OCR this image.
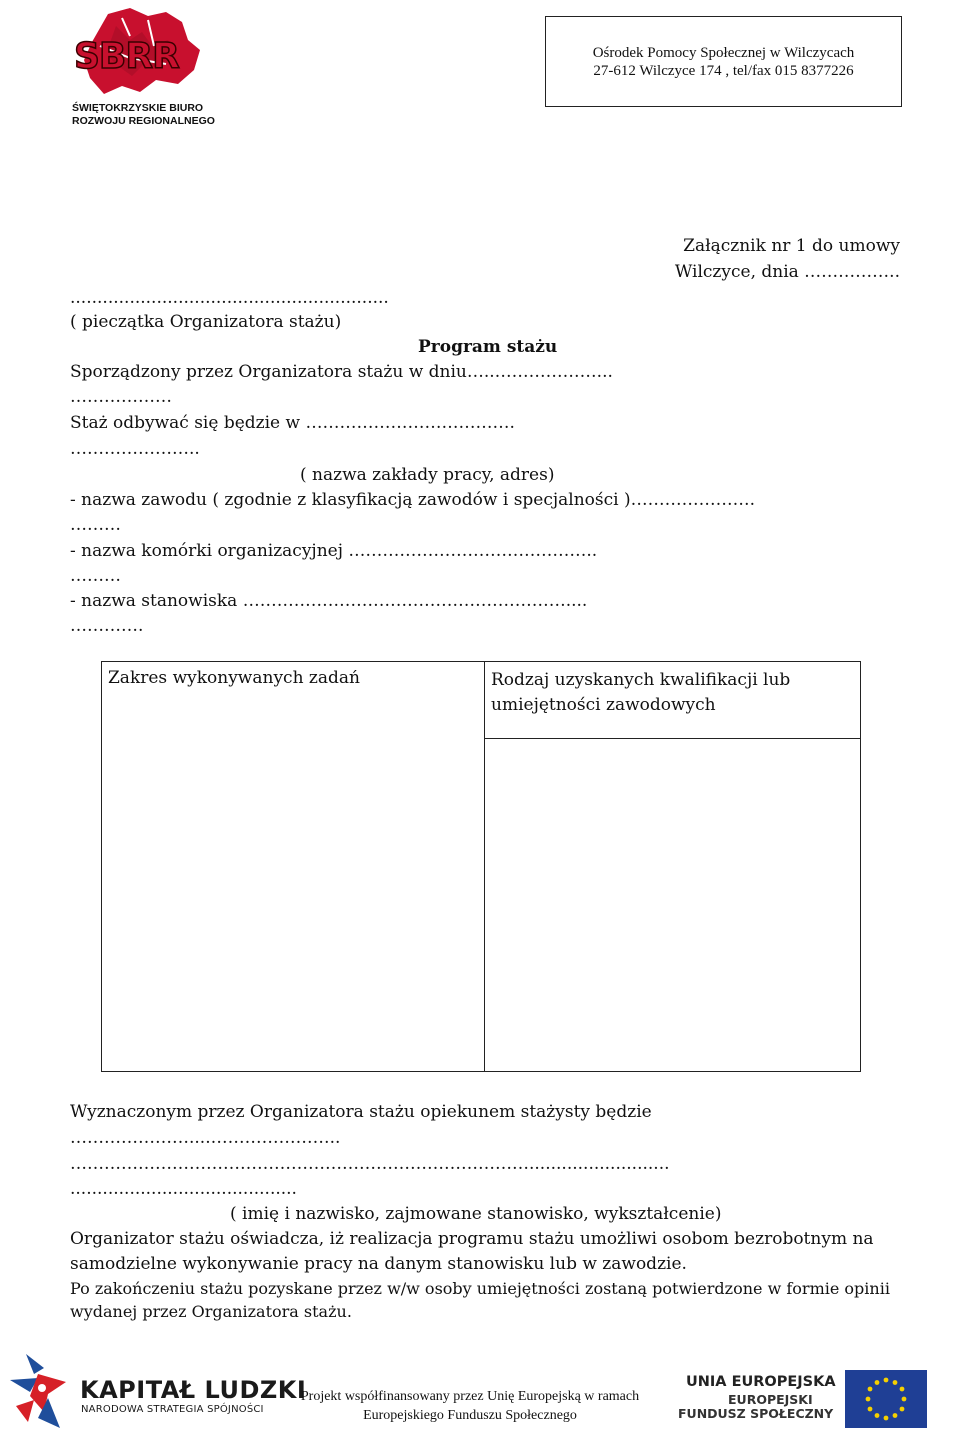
SBRR
ŚWIĘTOKRZYSKIE BIURO
ROZWOJU REGIONALNEGO
Ośrodek Pomocy Społecznej w Wilczycach
27-612 Wilczyce 174 , tel/fax 015 8377226
Załącznik nr 1 do umowy
Wilczyce, dnia ……………..
...........................................................
( pieczątka Organizatora stażu)
Program stażu
Sporządzony przez Organizatora stażu w dniu…..………………...
………………
Staż odbywać się będzie w ……………………………….
…………………..
( nazwa zakłady pracy, adres)
- nazwa zawodu ( zgodnie z klasyfikacją zawodów i specjalności )………………….
………
- nazwa komórki organizacyjnej ……………………………………..
………
- nazwa stanowiska …………………………………………………....
………….
Zakres wykonywanych zadań	Rodzaj uzyskanych kwalifikacji lub umiejętności zawodowych
Wyznaczonym przez Organizatora stażu opiekunem stażysty będzie
…………………....…………………..
………………………………………………………………………..........................
..........................................
( imię i nazwisko, zajmowane stanowisko, wykształcenie)
Organizator stażu oświadcza, iż realizacja programu stażu umożliwi osobom bezrobotnym na
samodzielne wykonywanie pracy na danym stanowisku lub w zawodzie.
Po zakończeniu stażu pozyskane przez w/w osoby umiejętności zostaną potwierdzone w formie opinii
wydanej przez Organizatora stażu.
KAPITAŁ LUDZKI
NARODOWA STRATEGIA SPÓJNOŚCI
Projekt współfinansowany przez Unię Europejską w ramach
Europejskiego Funduszu Społecznego
UNIA EUROPEJSKA
EUROPEJSKI
FUNDUSZ SPOŁECZNY
